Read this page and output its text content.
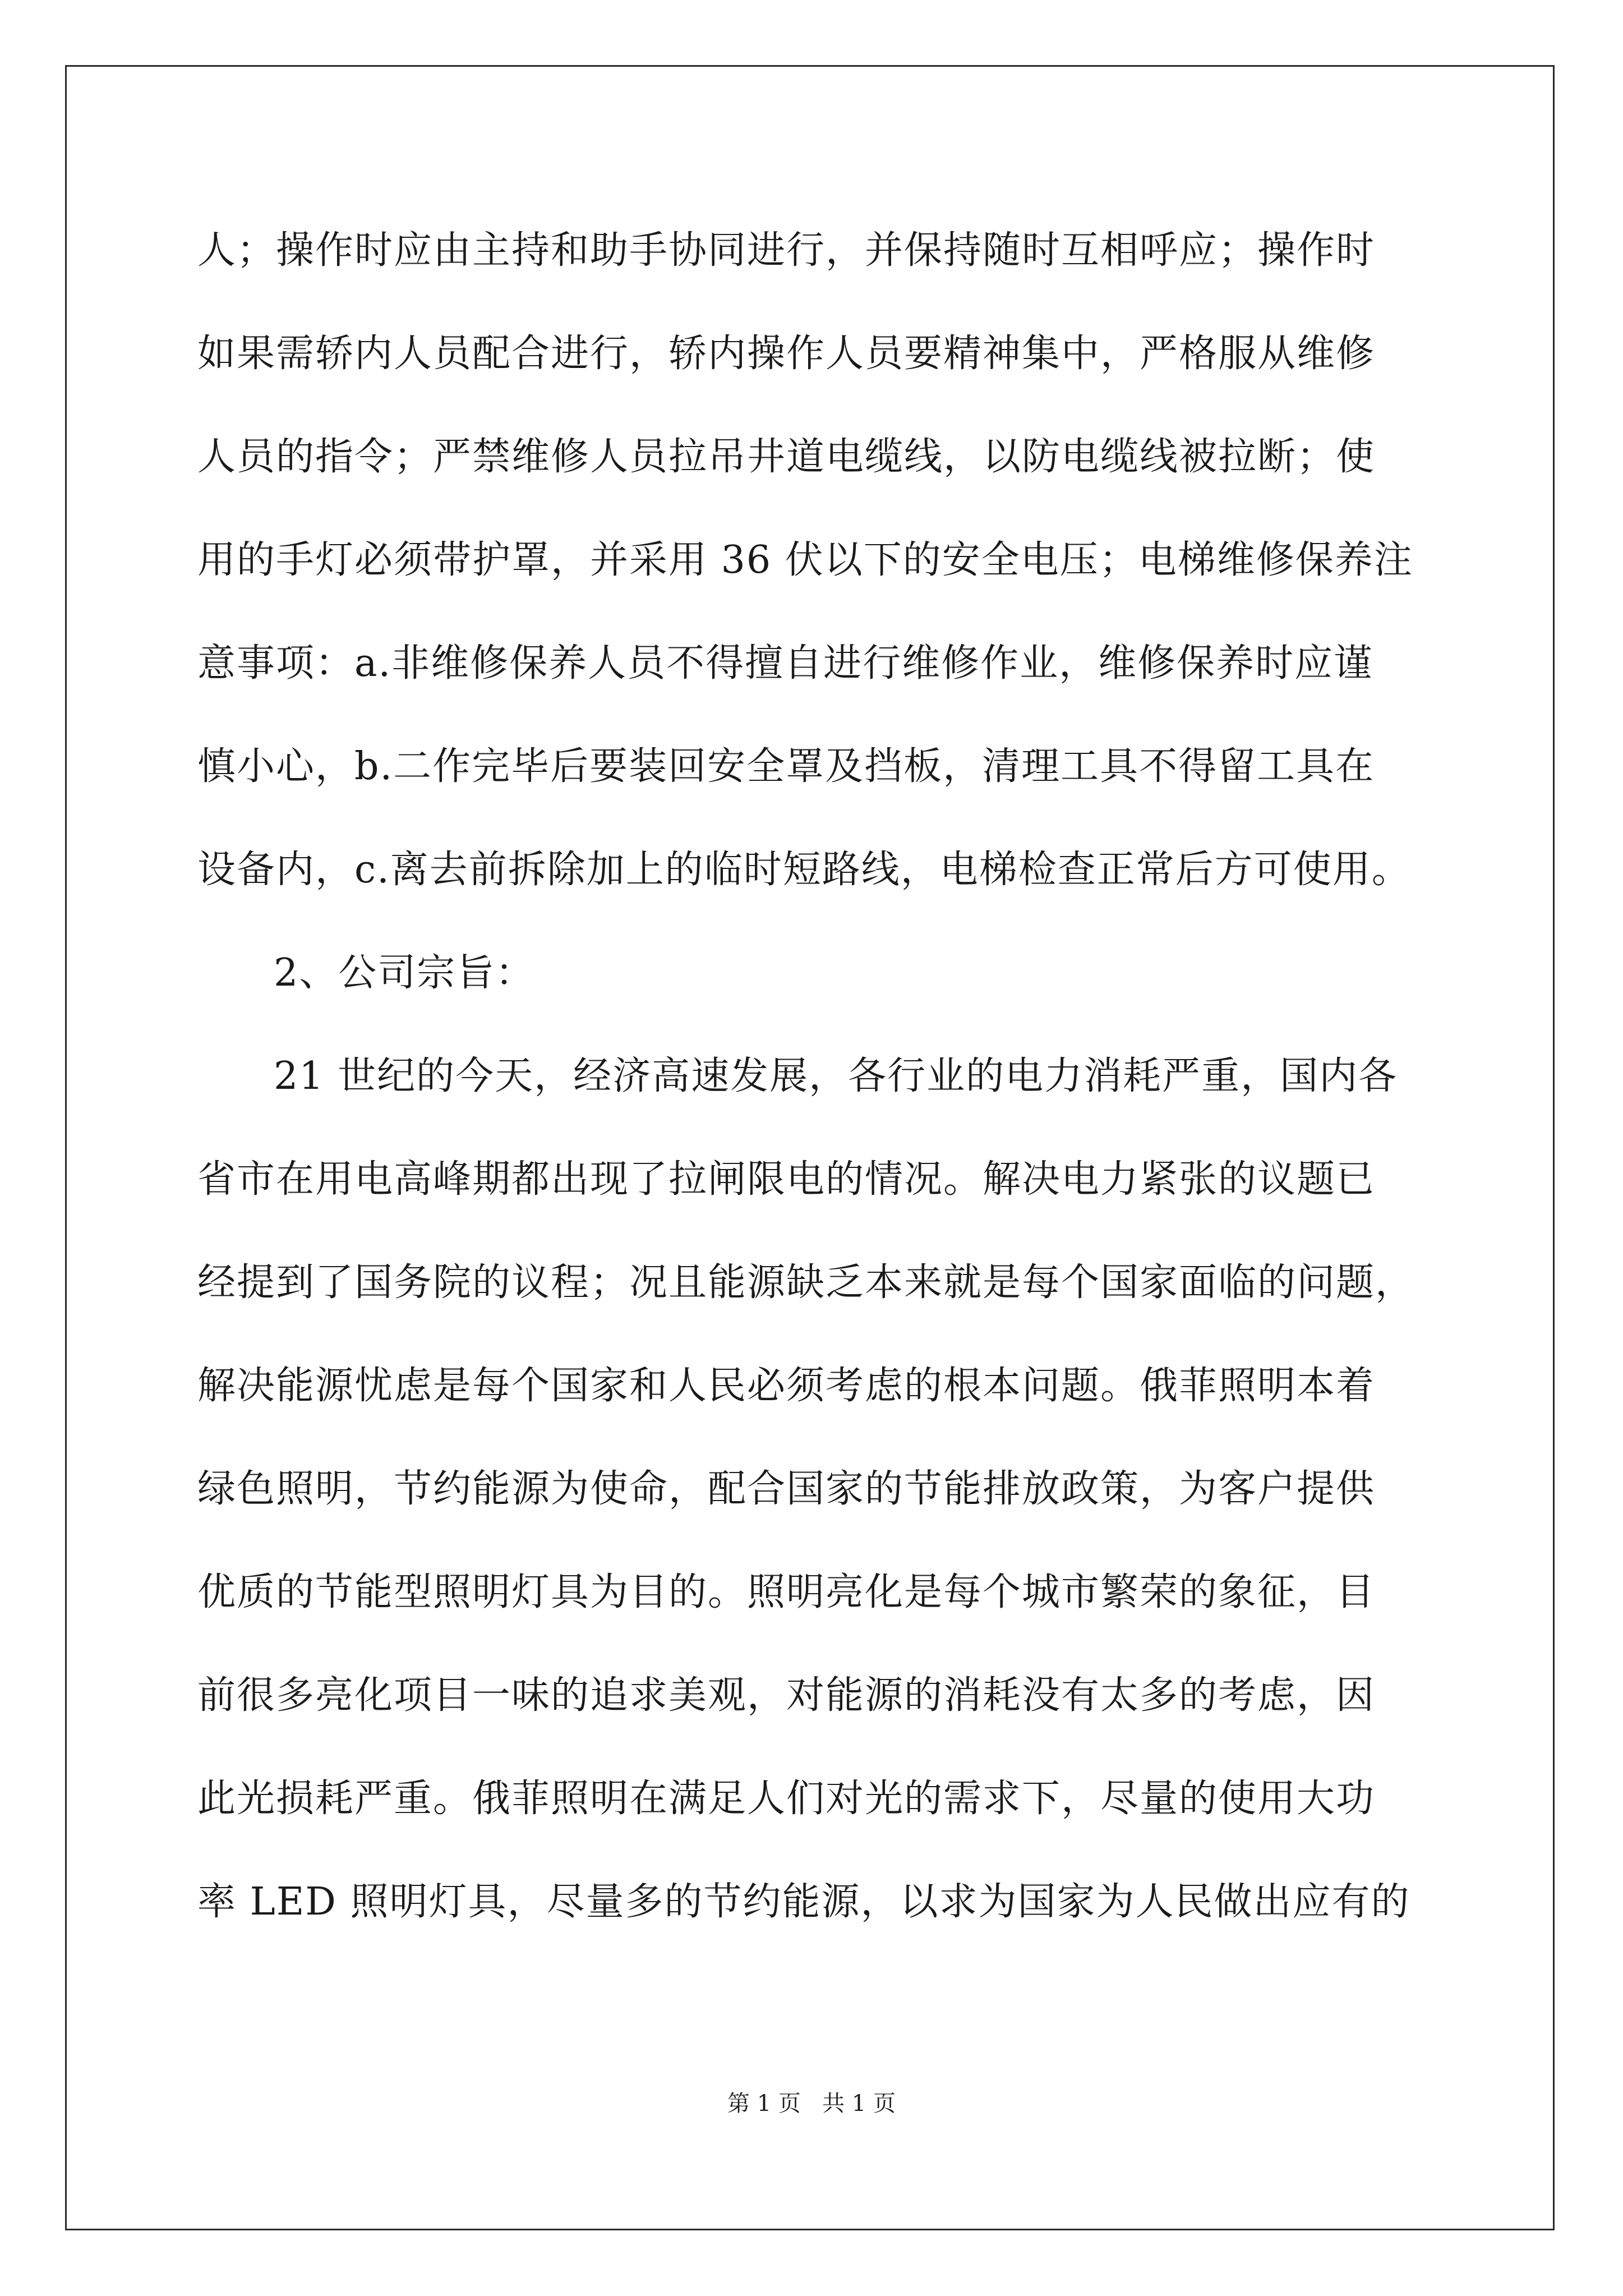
人；操作时应由主持和助手协同进行，并保持随时互相呼应；操作时
如果需轿内人员配合进行，轿内操作人员要精神集中，严格服从维修
人员的指令；严禁维修人员拉吊井道电缆线，以防电缆线被拉断；使
用的手灯必须带护罩，并采用 36 伏以下的安全电压；电梯维修保养注
意事项：a.非维修保养人员不得擅自进行维修作业，维修保养时应谨
慎小心，b.二作完毕后要装回安全罩及挡板，清理工具不得留工具在
设备内，c.离去前拆除加上的临时短路线，电梯检查正常后方可使用。
2、公司宗旨：
21 世纪的今天，经济高速发展，各行业的电力消耗严重，国内各
省市在用电高峰期都出现了拉闸限电的情况。解决电力紧张的议题已
经提到了国务院的议程；况且能源缺乏本来就是每个国家面临的问题，
解决能源忧虑是每个国家和人民必须考虑的根本问题。俄菲照明本着
绿色照明，节约能源为使命，配合国家的节能排放政策，为客户提供
优质的节能型照明灯具为目的。照明亮化是每个城市繁荣的象征，目
前很多亮化项目一味的追求美观，对能源的消耗没有太多的考虑，因
此光损耗严重。俄菲照明在满足人们对光的需求下，尽量的使用大功
率 LED 照明灯具，尽量多的节约能源，以求为国家为人民做出应有的
第 1 页   共 1 页
